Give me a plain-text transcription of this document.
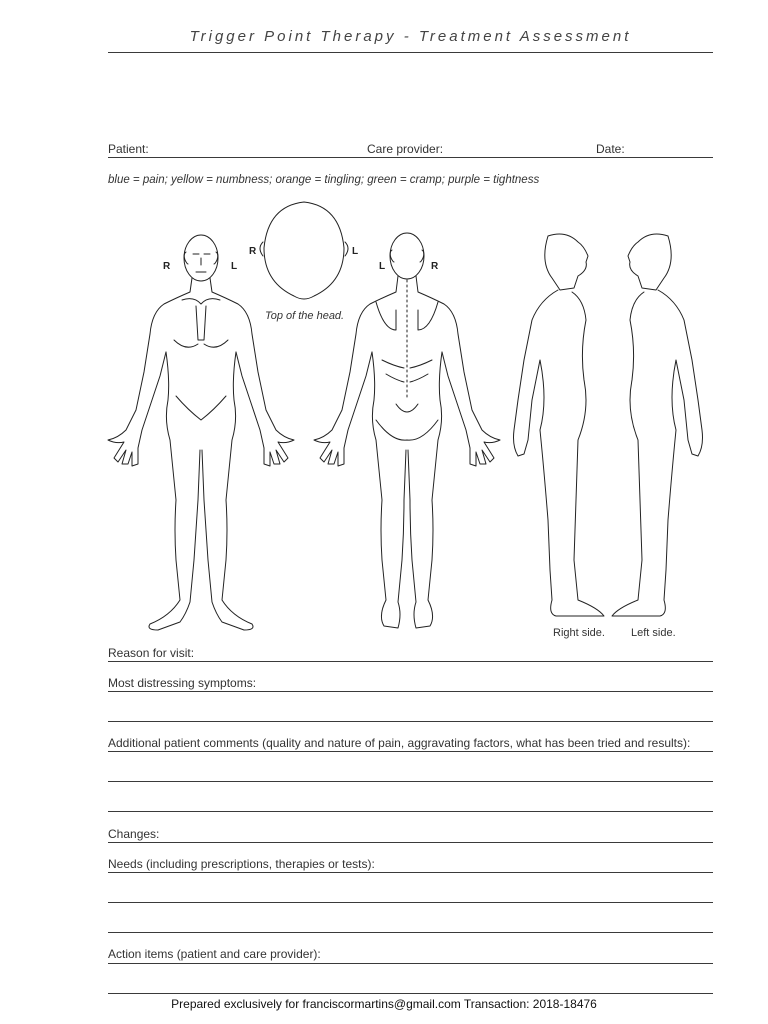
Trigger Point Therapy - Treatment Assessment
Patient:	Care provider:	Date:
blue = pain; yellow = numbness; orange = tingling; green = cramp; purple = tightness
R	L
R	L
L	R
Top of the head.
Right side. Left side.
Reason for visit:
Most distressing symptoms:
Additional patient comments (quality and nature of pain, aggravating factors, what has been tried and results):
Changes:
Needs (including prescriptions, therapies or tests):
Action items (patient and care provider):
Prepared exclusively for franciscormartins@gmail.com Transaction: 2018-18476
